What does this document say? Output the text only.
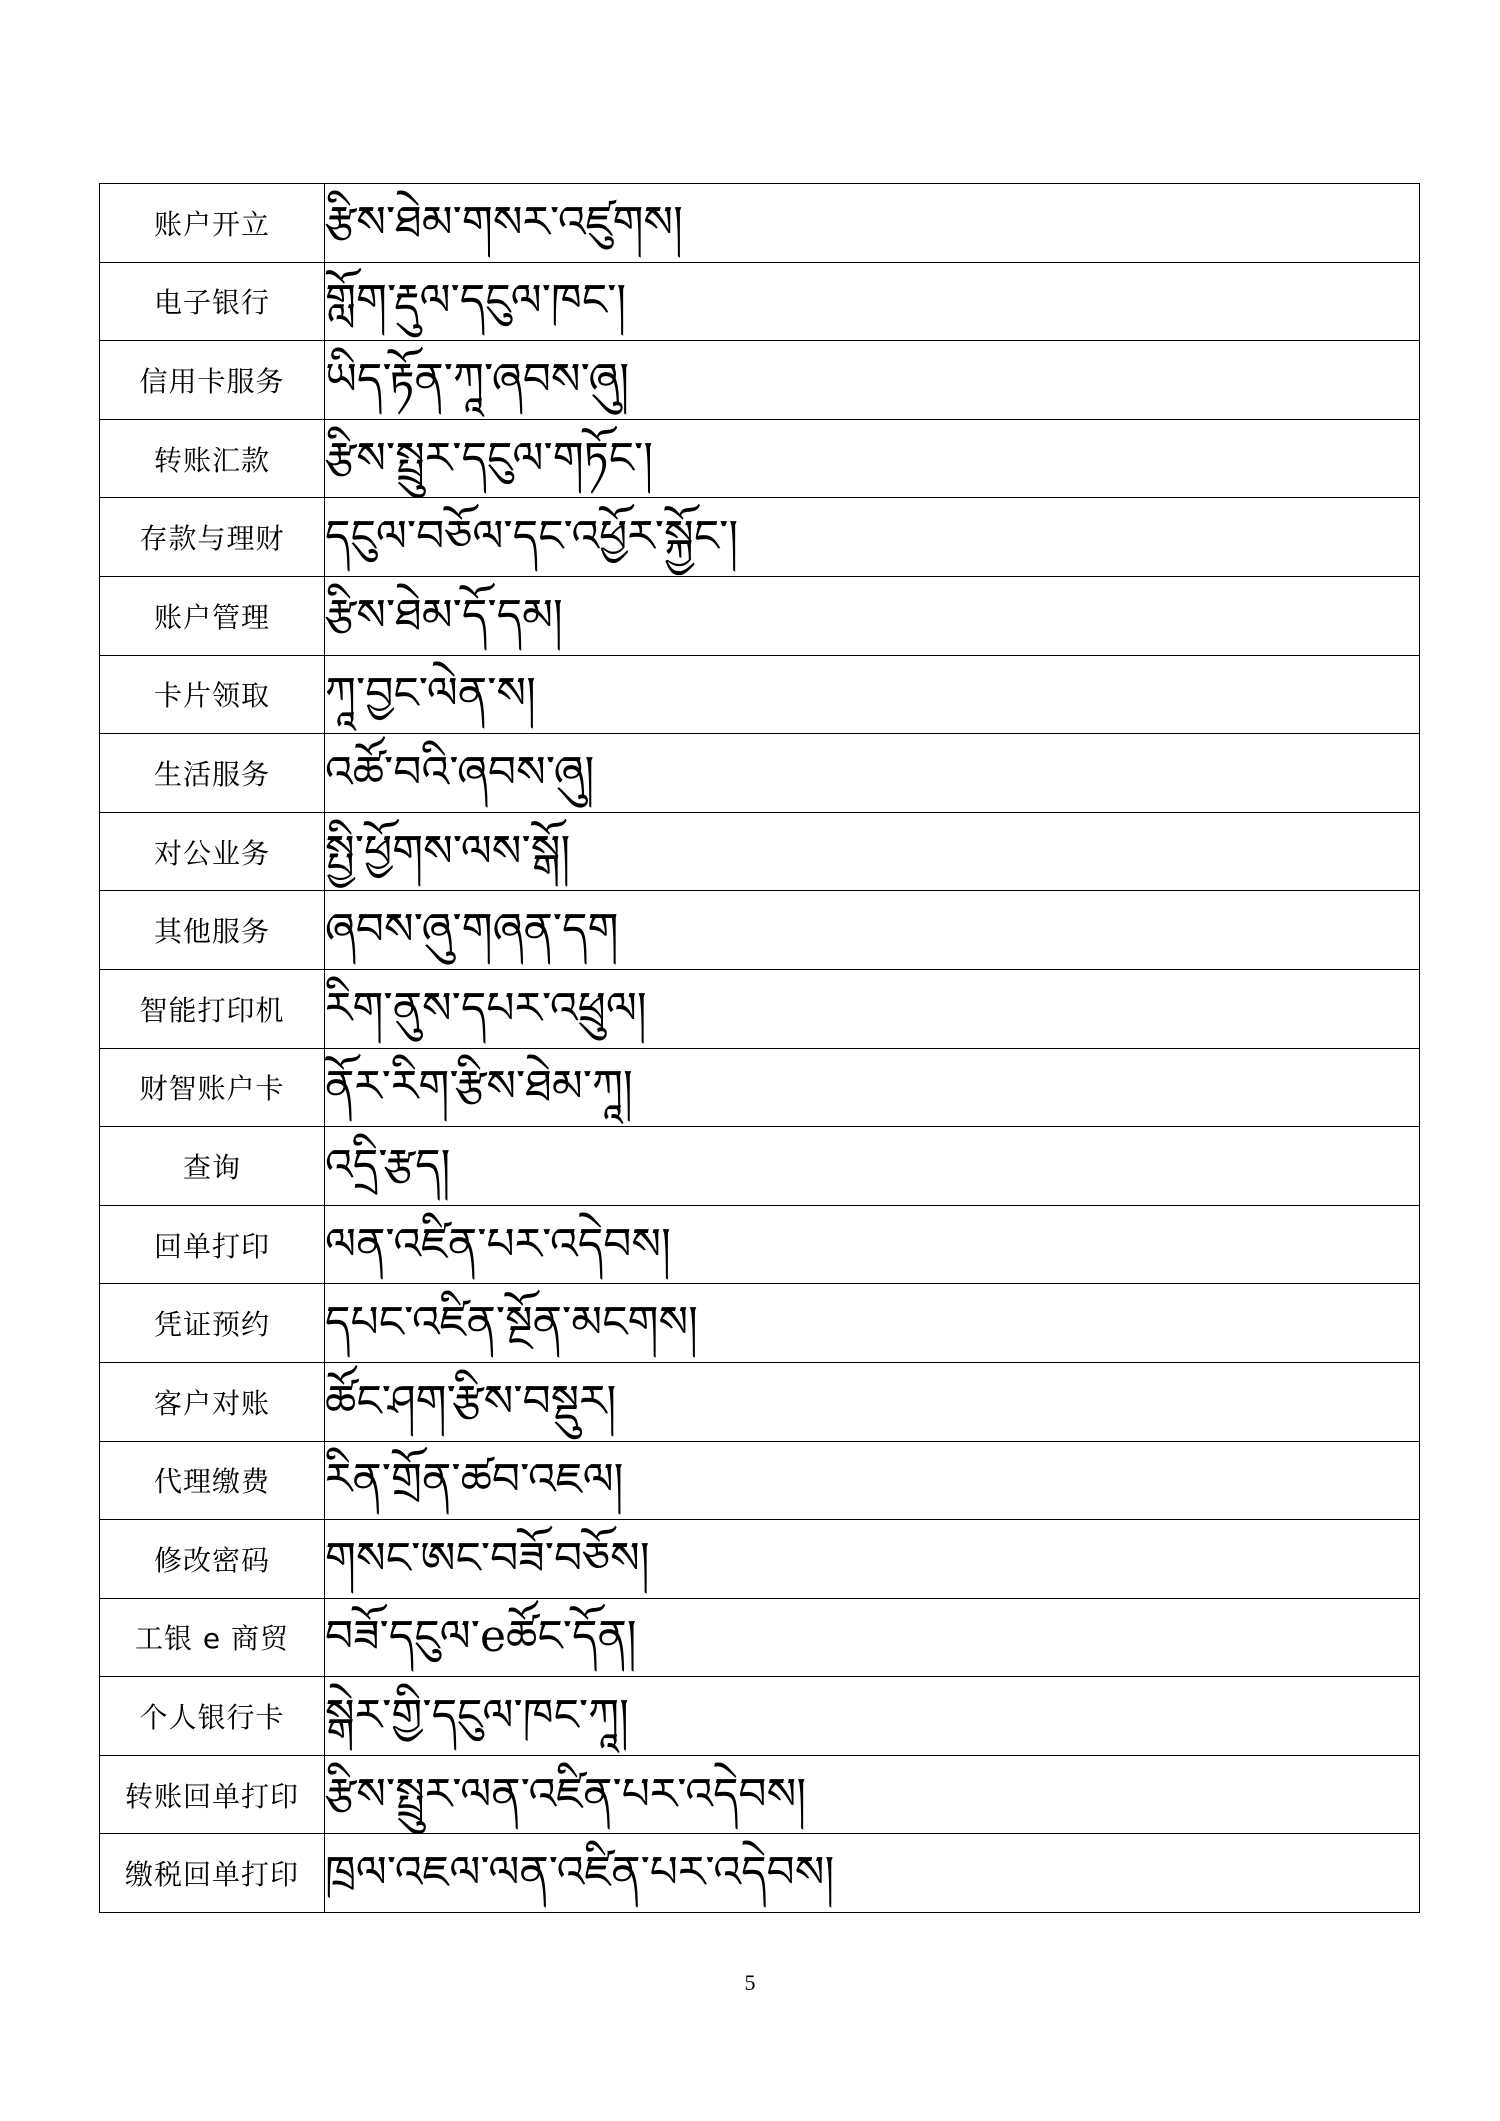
账户开立	རྩིས་ཐེམ་གསར་འཛུགས།
电子银行	གློག་རྡུལ་དངུལ་ཁང་།
信用卡服务	ཡིད་རྟོན་ཀཱ་ཞབས་ཞུ།
转账汇款	རྩིས་སྤྲུར་དངུལ་གཏོང་།
存款与理财	དངུལ་བཅོལ་དང་འཕྱོར་སྐྱོང་།
账户管理	རྩིས་ཐེམ་དོ་དམ།
卡片领取	ཀཱ་བྱང་ལེན་ས།
生活服务	འཚོ་བའི་ཞབས་ཞུ།
对公业务	སྤྱི་ཕྱོགས་ལས་སྒོ།
其他服务	ཞབས་ཞུ་གཞན་དག
智能打印机	རིག་ནུས་དཔར་འཕྲུལ།
财智账户卡	ནོར་རིག་རྩིས་ཐེམ་ཀཱ།
查询	འདྲི་རྩད།
回单打印	ལན་འཛིན་པར་འདེབས།
凭证预约	དཔང་འཛིན་སྔོན་མངགས།
客户对账	ཚོང་ཤག་རྩིས་བསྡུར།
代理缴费	རིན་གྲོན་ཚབ་འཇལ།
修改密码	གསང་ཨང་བཟོ་བཅོས།
工银 e 商贸	བཟོ་དངུལ་eཚོང་དོན།
个人银行卡	སྒེར་གྱི་དངུལ་ཁང་ཀཱ།
转账回单打印	རྩིས་སྤྲུར་ལན་འཛིན་པར་འདེབས།
缴税回单打印	ཁྲལ་འཇལ་ལན་འཛིན་པར་འདེབས།
5
